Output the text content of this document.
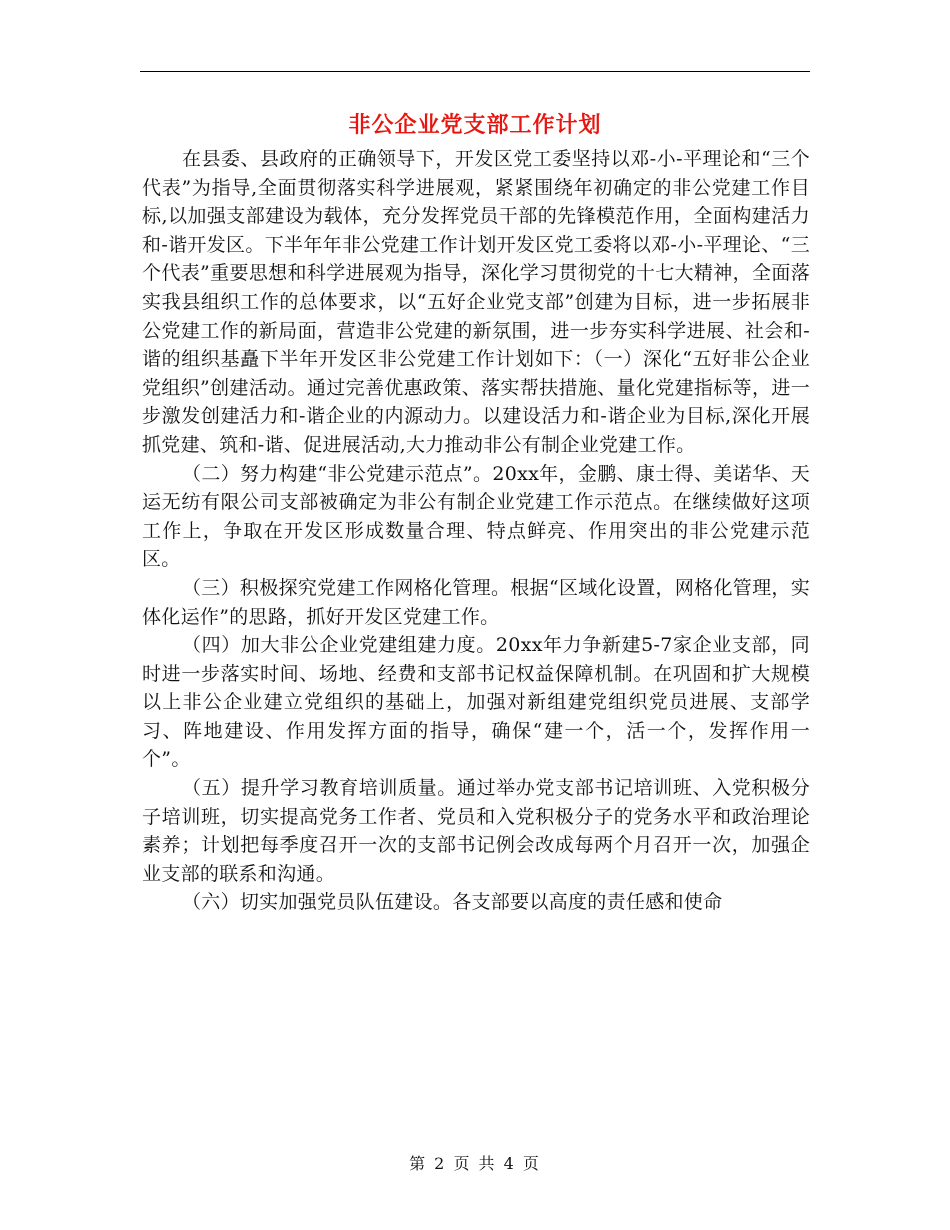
非公企业党支部工作计划

在县委、县政府的正确领导下，开发区党工委坚持以邓-小-平理论和“三个代表”为指导,全面贯彻落实科学进展观，紧紧围绕年初确定的非公党建工作目标,以加强支部建设为载体，充分发挥党员干部的先锋模范作用，全面构建活力和-谐开发区。下半年年非公党建工作计划开发区党工委将以邓-小-平理论、“三个代表”重要思想和科学进展观为指导，深化学习贯彻党的十七大精神，全面落实我县组织工作的总体要求，以“五好企业党支部”创建为目标，进一步拓展非公党建工作的新局面，营造非公党建的新氛围，进一步夯实科学进展、社会和-谐的组织基矗下半年开发区非公党建工作计划如下：（一）深化“五好非公企业党组织”创建活动。通过完善优惠政策、落实帮扶措施、量化党建指标等，进一步激发创建活力和-谐企业的内源动力。以建设活力和-谐企业为目标,深化开展抓党建、筑和-谐、促进展活动,大力推动非公有制企业党建工作。

（二）努力构建“非公党建示范点”。20xx年，金鹏、康士得、美诺华、天运无纺有限公司支部被确定为非公有制企业党建工作示范点。在继续做好这项工作上，争取在开发区形成数量合理、特点鲜亮、作用突出的非公党建示范区。

（三）积极探究党建工作网格化管理。根据“区域化设置，网格化管理，实体化运作”的思路，抓好开发区党建工作。

（四）加大非公企业党建组建力度。20xx年力争新建5-7家企业支部，同时进一步落实时间、场地、经费和支部书记权益保障机制。在巩固和扩大规模以上非公企业建立党组织的基础上，加强对新组建党组织党员进展、支部学习、阵地建设、作用发挥方面的指导，确保“建一个，活一个，发挥作用一个”。

（五）提升学习教育培训质量。通过举办党支部书记培训班、入党积极分子培训班，切实提高党务工作者、党员和入党积极分子的党务水平和政治理论素养；计划把每季度召开一次的支部书记例会改成每两个月召开一次，加强企业支部的联系和沟通。

（六）切实加强党员队伍建设。各支部要以高度的责任感和使命

第 2 页 共 4 页
